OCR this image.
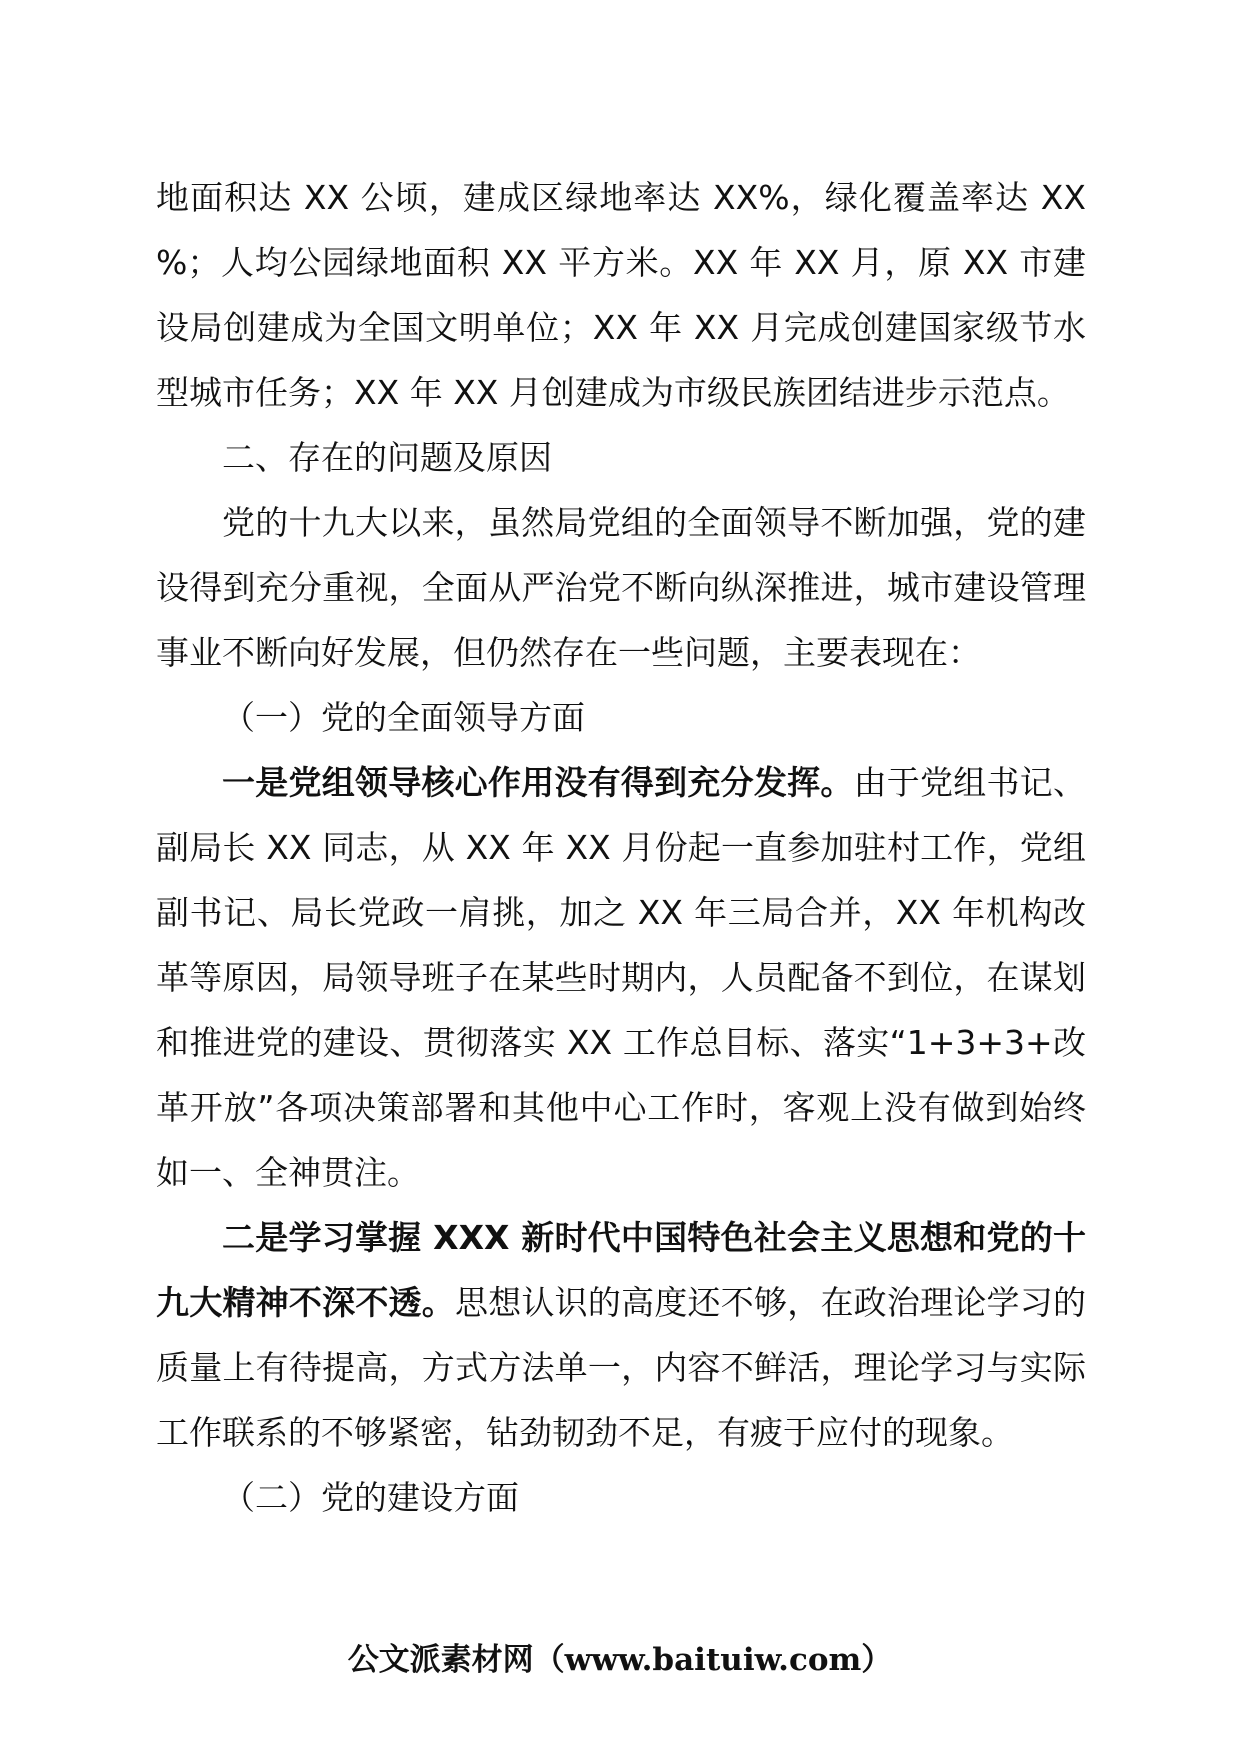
地面积达 XX 公顷，建成区绿地率达 XX%，绿化覆盖率达 XX %；人均公园绿地面积 XX 平方米。XX 年 XX 月，原 XX 市建设局创建成为全国文明单位；XX 年 XX 月完成创建国家级节水型城市任务；XX 年 XX 月创建成为市级民族团结进步示范点。

二、存在的问题及原因

党的十九大以来，虽然局党组的全面领导不断加强，党的建设得到充分重视，全面从严治党不断向纵深推进，城市建设管理事业不断向好发展，但仍然存在一些问题，主要表现在：

（一）党的全面领导方面

一是党组领导核心作用没有得到充分发挥。由于党组书记、副局长 XX 同志，从 XX 年 XX 月份起一直参加驻村工作，党组副书记、局长党政一肩挑，加之 XX 年三局合并，XX 年机构改革等原因，局领导班子在某些时期内，人员配备不到位，在谋划和推进党的建设、贯彻落实 XX 工作总目标、落实“1+3+3+改革开放”各项决策部署和其他中心工作时，客观上没有做到始终如一、全神贯注。

二是学习掌握 XXX 新时代中国特色社会主义思想和党的十九大精神不深不透。思想认识的高度还不够，在政治理论学习的质量上有待提高，方式方法单一，内容不鲜活，理论学习与实际工作联系的不够紧密，钻劲韧劲不足，有疲于应付的现象。

（二）党的建设方面

公文派素材网（www.baituiw.com）
